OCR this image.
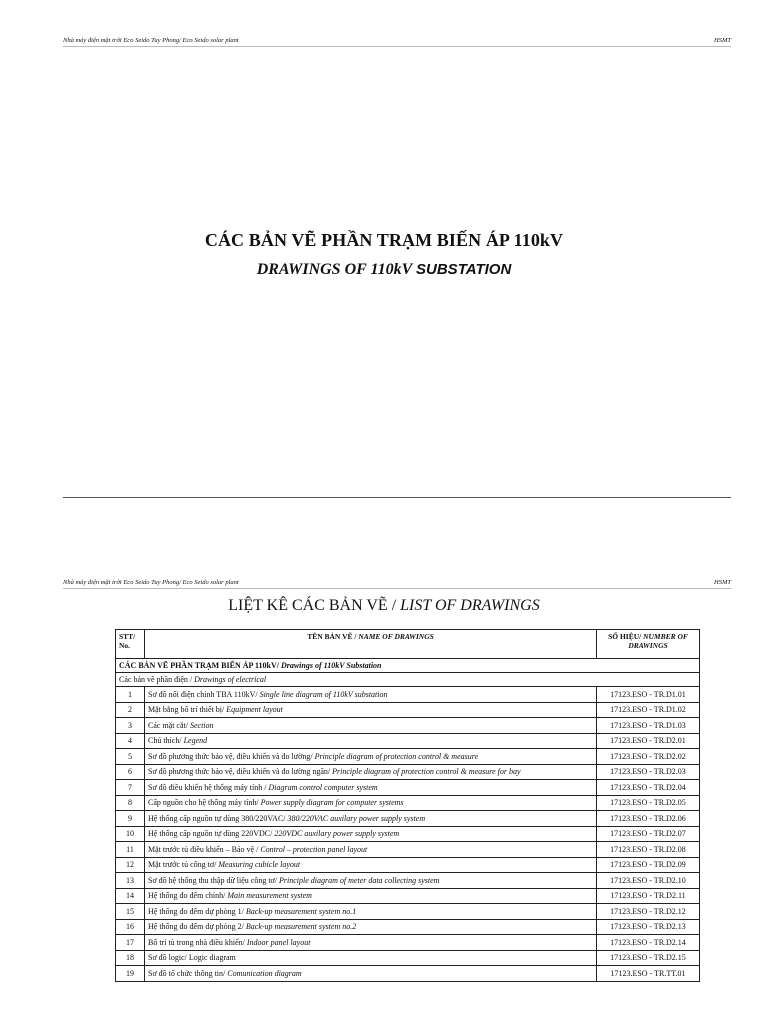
Nhà máy điện mặt trời Eco Seido Tuy Phong/ Eco Seido solar plant	HSMT
CÁC BẢN VẼ PHẦN TRẠM BIẾN ÁP 110kV
DRAWINGS OF 110kV SUBSTATION
Nhà máy điện mặt trời Eco Seido Tuy Phong/ Eco Seido solar plant	HSMT
LIỆT KÊ CÁC BẢN VẼ / LIST OF DRAWINGS
STT/ No.	TÊN BẢN VẼ / NAME OF DRAWINGS	SỐ HIỆU/ NUMBER OF DRAWINGS
CÁC BẢN VẼ PHẦN TRẠM BIẾN ÁP 110kV/ Drawings of 110kV Substation		
Các bản vẽ phần điện / Drawings of electrical		
1	Sơ đồ nối điện chính TBA 110kV/ Single line diagram of 110kV substation	17123.ESO - TR.D1.01
2	Mặt bằng bố trí thiết bị/ Equipment layout	17123.ESO - TR.D1.02
3	Các mặt cắt/ Section	17123.ESO - TR.D1.03
4	Chú thích/ Legend	17123.ESO - TR.D2.01
5	Sơ đồ phương thức bảo vệ, điều khiển và đo lường/ Principle diagram of protection control & measure	17123.ESO - TR.D2.02
6	Sơ đồ phương thức bảo vệ, điều khiển và đo lường ngăn/ Principle diagram of protection control & measure for bay	17123.ESO - TR.D2.03
7	Sơ đồ điều khiển hệ thống máy tính / Diagram control computer system	17123.ESO - TR.D2.04
8	Cấp nguồn cho hệ thống máy tính/ Power supply diagram for computer systems	17123.ESO - TR.D2.05
9	Hệ thống cấp nguồn tự dùng 380/220VAC/ 380/220VAC auxilary power supply system	17123.ESO - TR.D2.06
10	Hệ thống cấp nguồn tự dùng 220VDC/ 220VDC auxilary power supply system	17123.ESO - TR.D2.07
11	Mặt trước tủ điều khiển – Bảo vệ / Control – protection panel layout	17123.ESO - TR.D2.08
12	Mặt trước tủ công tơ/ Measuring cubicle layout	17123.ESO - TR.D2.09
13	Sơ đồ hệ thống thu thập dữ liệu công tơ/ Principle diagram of meter data collecting system	17123.ESO - TR.D2.10
14	Hệ thống đo đếm chính/ Main measurement system	17123.ESO - TR.D2.11
15	Hệ thống đo đếm dự phòng 1/ Back-up measurement system no.1	17123.ESO - TR.D2.12
16	Hệ thống đo đếm dự phòng 2/ Back-up measurement system no.2	17123.ESO - TR.D2.13
17	Bố trí tủ trong nhà điều khiển/ Indoor panel layout	17123.ESO - TR.D2.14
18	Sơ đồ logic/ Logic diagram	17123.ESO - TR.D2.15
19	Sơ đồ tổ chức thông tin/ Comunication diagram	17123.ESO - TR.TT.01
